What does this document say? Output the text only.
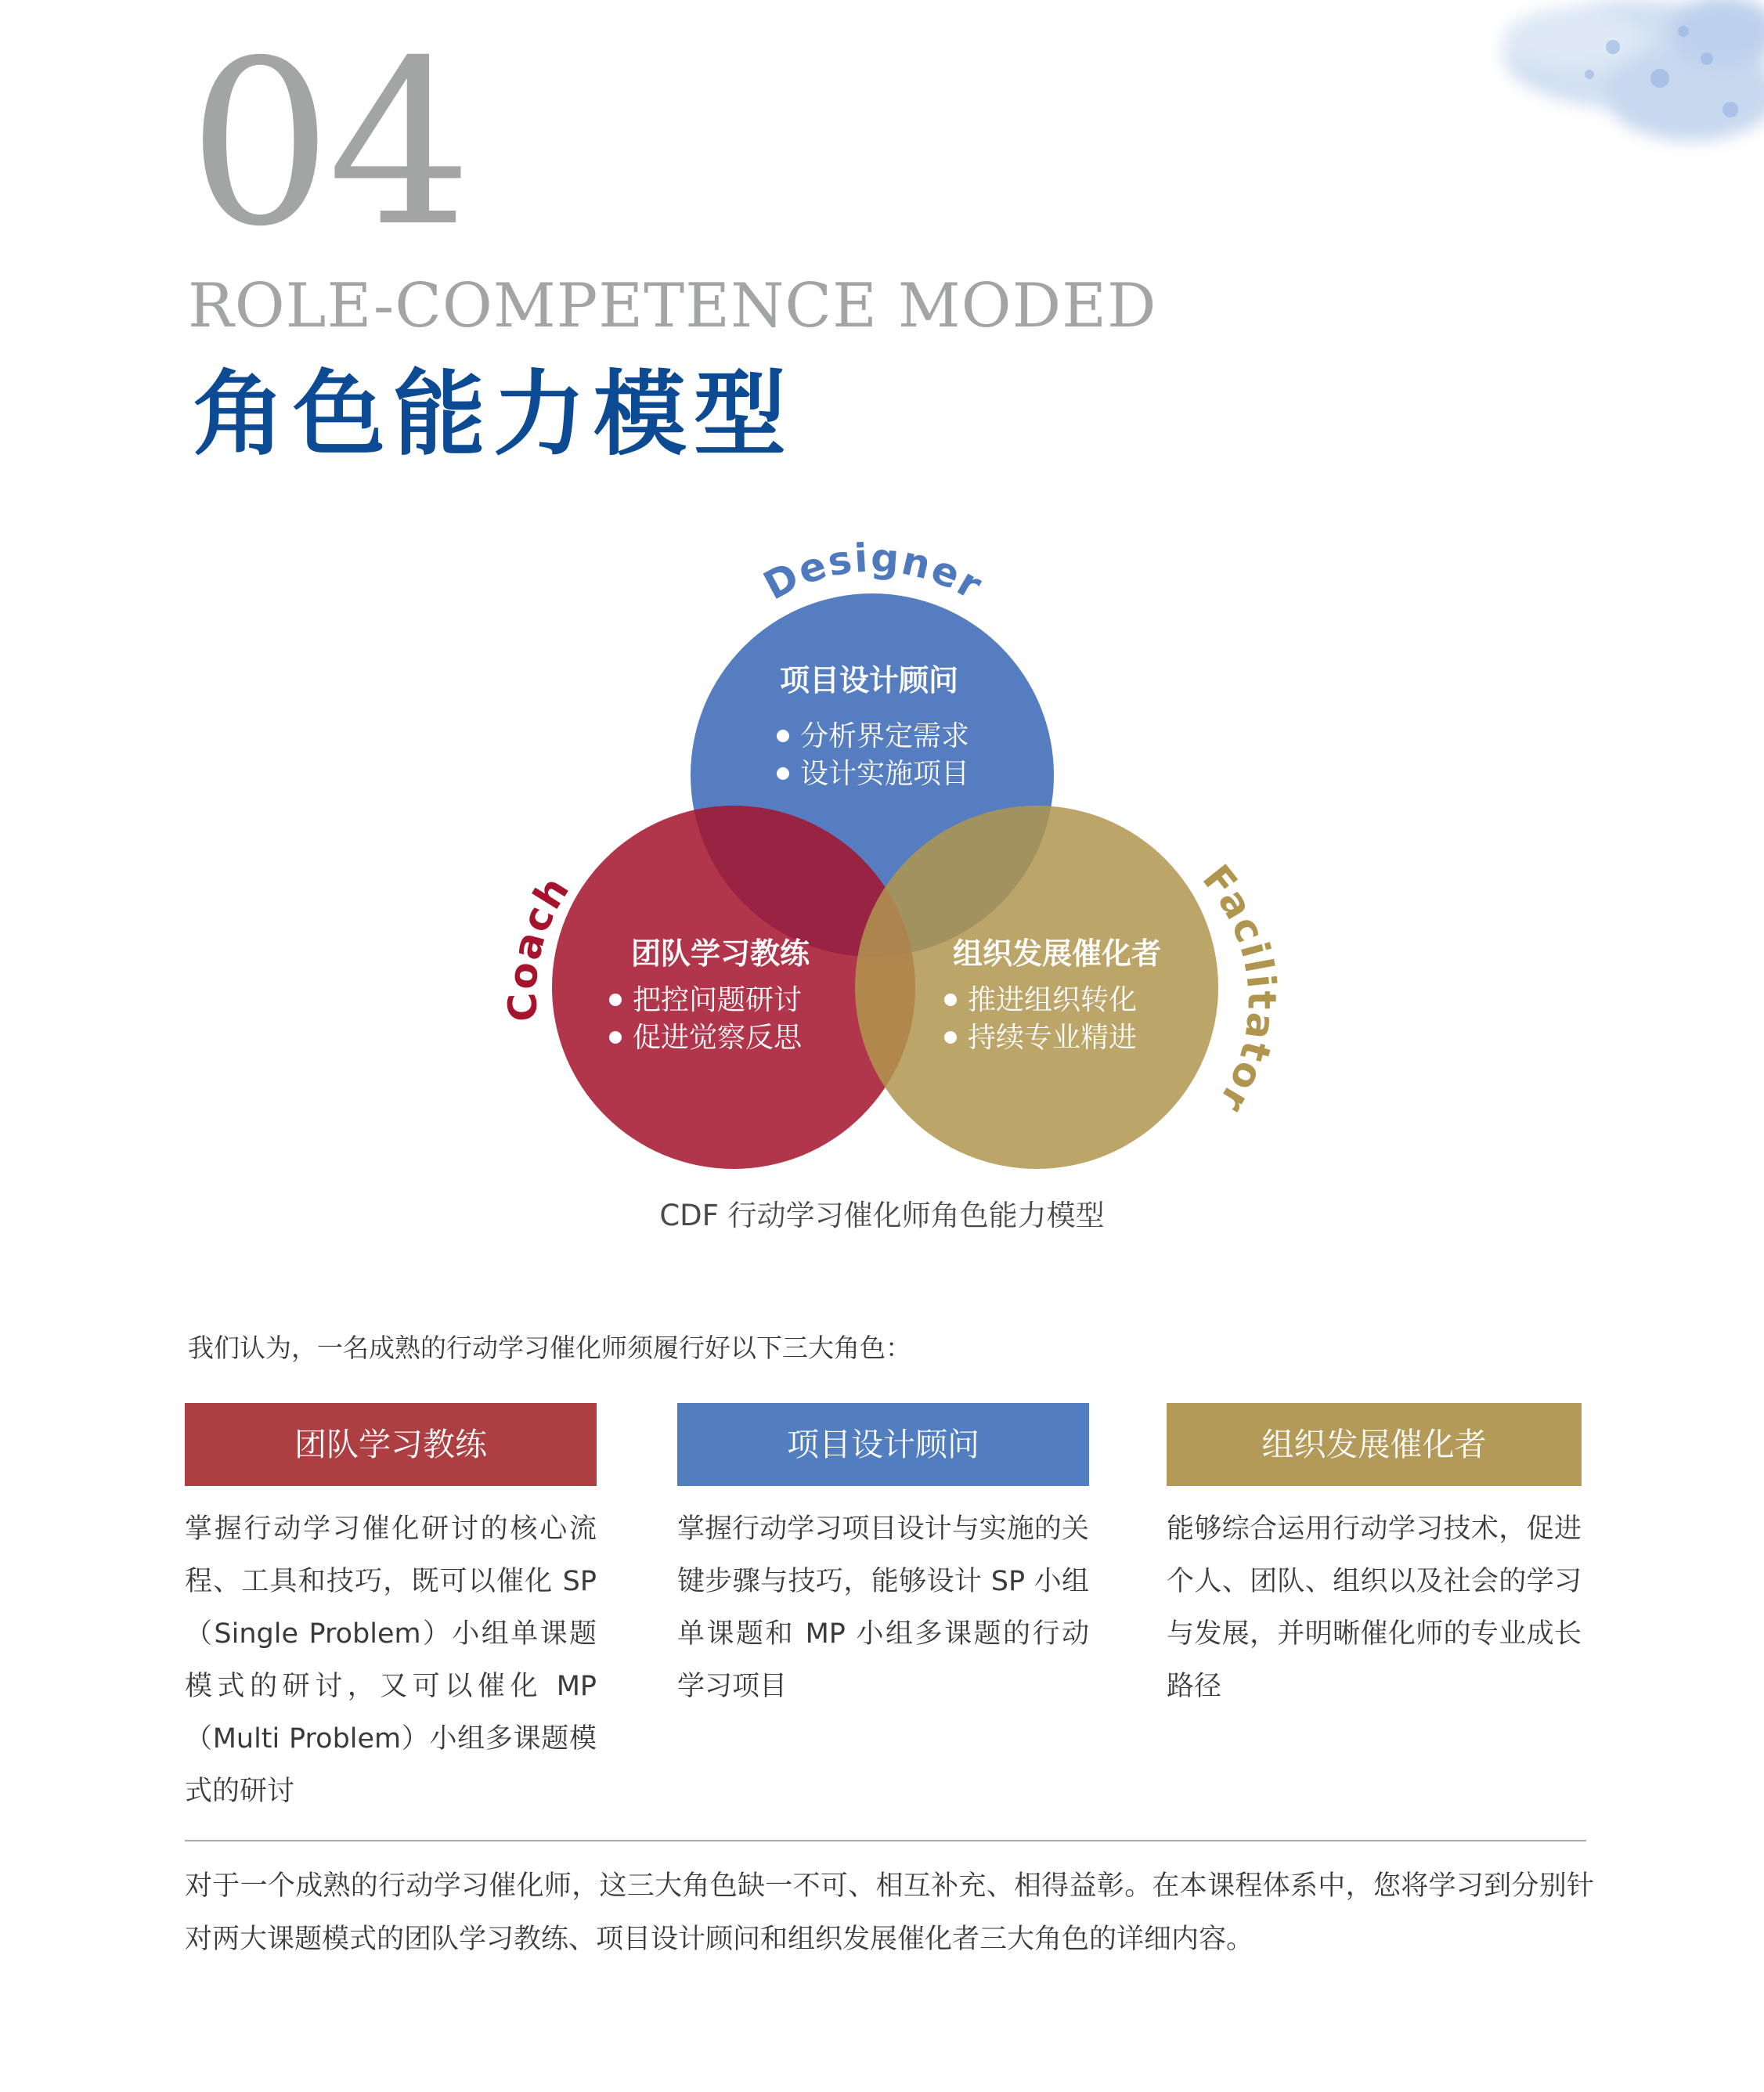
04
ROLE-COMPETENCE MODED
角色能力模型
Designer
Coach	Facilitator
项目设计顾问
分析界定需求
设计实施项目
团队学习教练
把控问题研讨
促进觉察反思
组织发展催化者
推进组织转化
持续专业精进
CDF 行动学习催化师角色能力模型
我们认为，一名成熟的行动学习催化师须履行好以下三大角色：
团队学习教练	项目设计顾问	组织发展催化者
掌握行动学习催化研讨的核心流程、工具和技巧，既可以催化 SP（Single Problem）小组单课题模式的研讨，又可以催化 MP（Multi Problem）小组多课题模式的研讨
掌握行动学习项目设计与实施的关键步骤与技巧，能够设计 SP 小组单课题和 MP 小组多课题的行动学习项目
能够综合运用行动学习技术，促进个人、团队、组织以及社会的学习与发展，并明晰催化师的专业成长路径
对于一个成熟的行动学习催化师，这三大角色缺一不可、相互补充、相得益彰。在本课程体系中，您将学习到分别针对两大课题模式的团队学习教练、项目设计顾问和组织发展催化者三大角色的详细内容。
